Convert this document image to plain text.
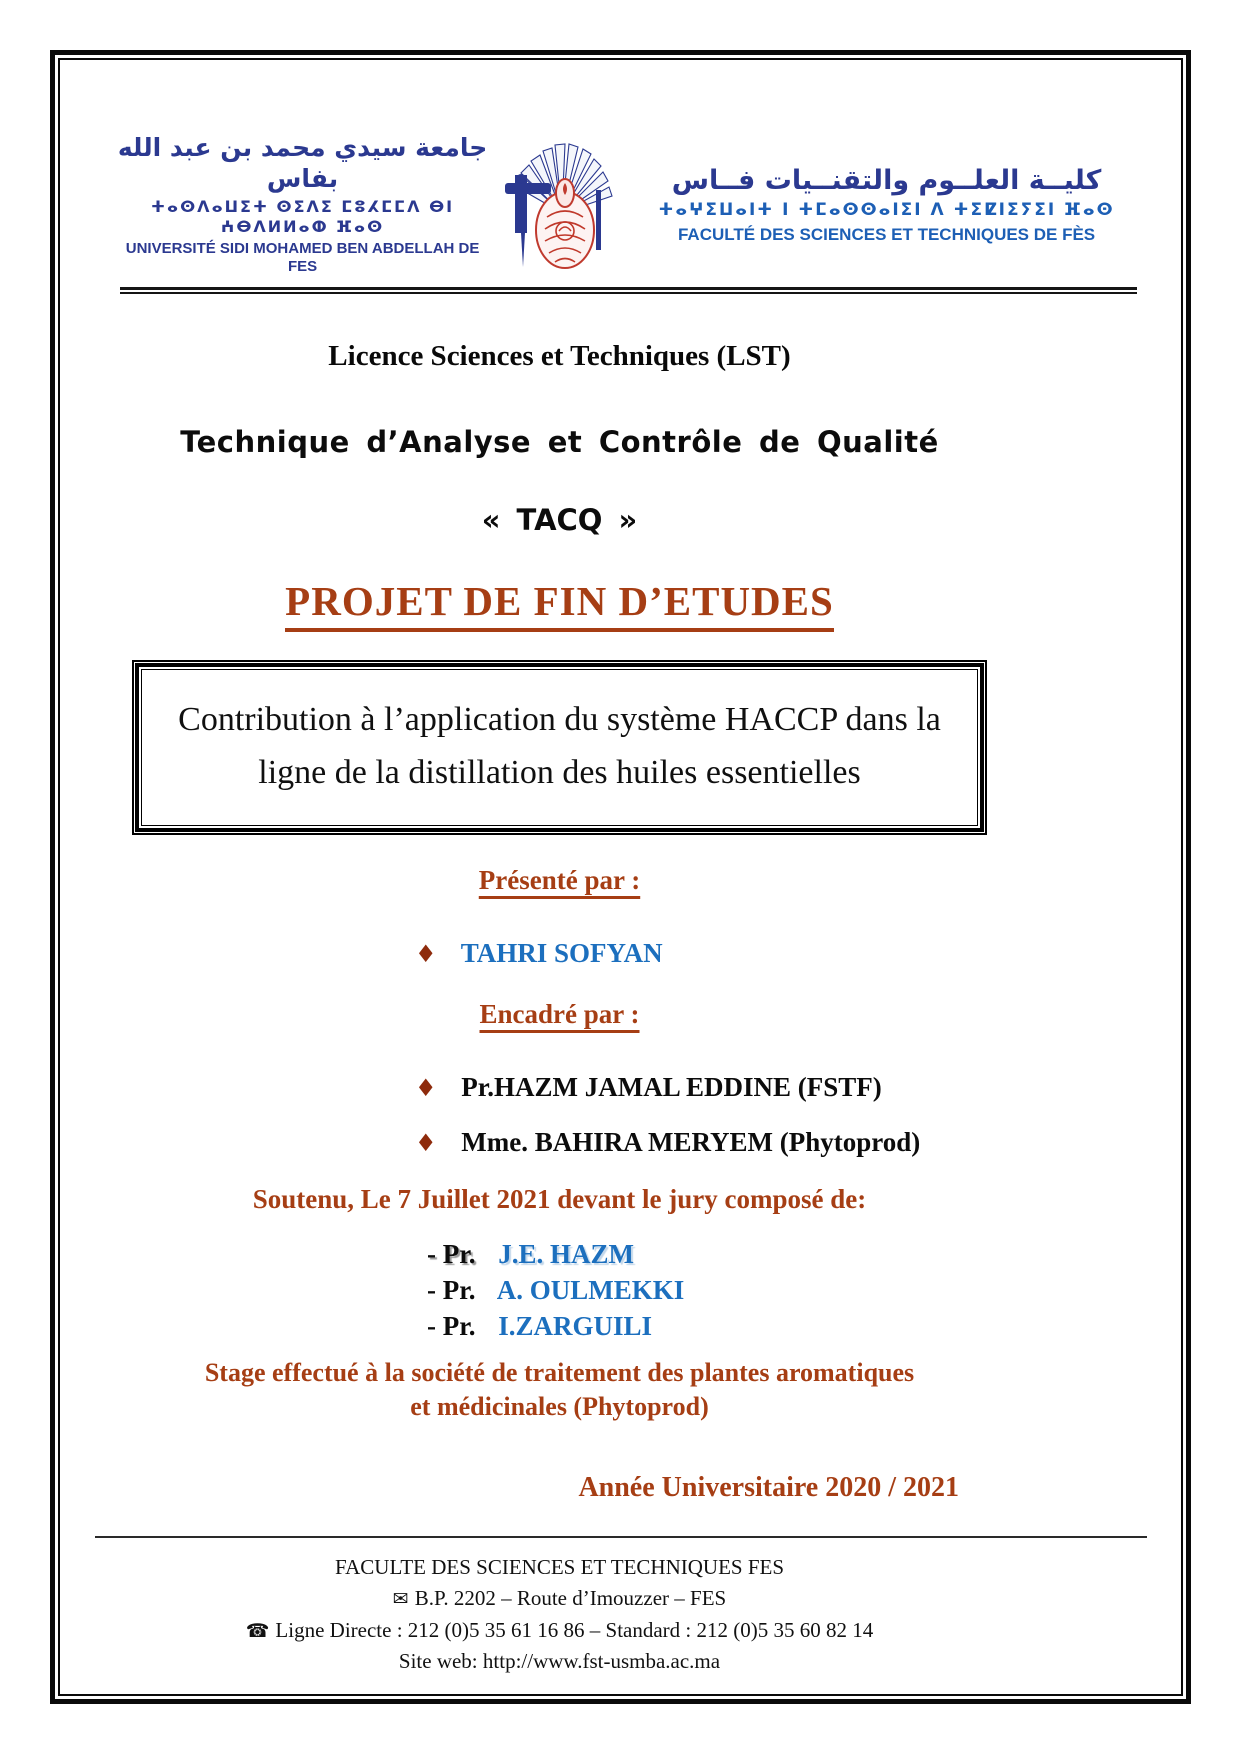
جامعة سيدي محمد بن عبد الله بفاس
ⵜⴰⵙⴷⴰⵡⵉⵜ ⵙⵉⴷⵉ ⵎⵓⵃⵎⵎⴷ ⴱⵏ ⵄⴱⴷⵍⵍⴰⵀ ⴼⴰⵙ
UNIVERSITÉ SIDI MOHAMED BEN ABDELLAH DE FES
كليــة العلــوم والتقنــيات فــاس
ⵜⴰⵖⵉⵡⴰⵏⵜ ⵏ ⵜⵎⴰⵙⵙⴰⵏⵉⵏ ⴷ ⵜⵉⵇⵏⵉⵢⵉⵏ ⴼⴰⵙ
FACULTÉ DES SCIENCES ET TECHNIQUES DE FÈS
Licence Sciences et Techniques (LST)
Technique d’Analyse et Contrôle de Qualité
« TACQ »
PROJET DE FIN D’ETUDES
Contribution à l’application du système HACCP dans la ligne de la distillation des huiles essentielles
Présenté par :
♦ TAHRI SOFYAN
Encadré par :
♦ Pr.HAZM JAMAL EDDINE (FSTF)
♦ Mme. BAHIRA MERYEM (Phytoprod)
Soutenu, Le 7 Juillet 2021 devant le jury composé de:
- Pr. J.E. HAZM
- Pr. A. OULMEKKI
- Pr. I.ZARGUILI
Stage effectué à la société de traitement des plantes aromatiques
et médicinales (Phytoprod)
Année Universitaire 2020 / 2021
FACULTE DES SCIENCES ET TECHNIQUES FES
✉ B.P. 2202 – Route d’Imouzzer – FES
☎ Ligne Directe : 212 (0)5 35 61 16 86 – Standard : 212 (0)5 35 60 82 14
Site web: http://www.fst-usmba.ac.ma
